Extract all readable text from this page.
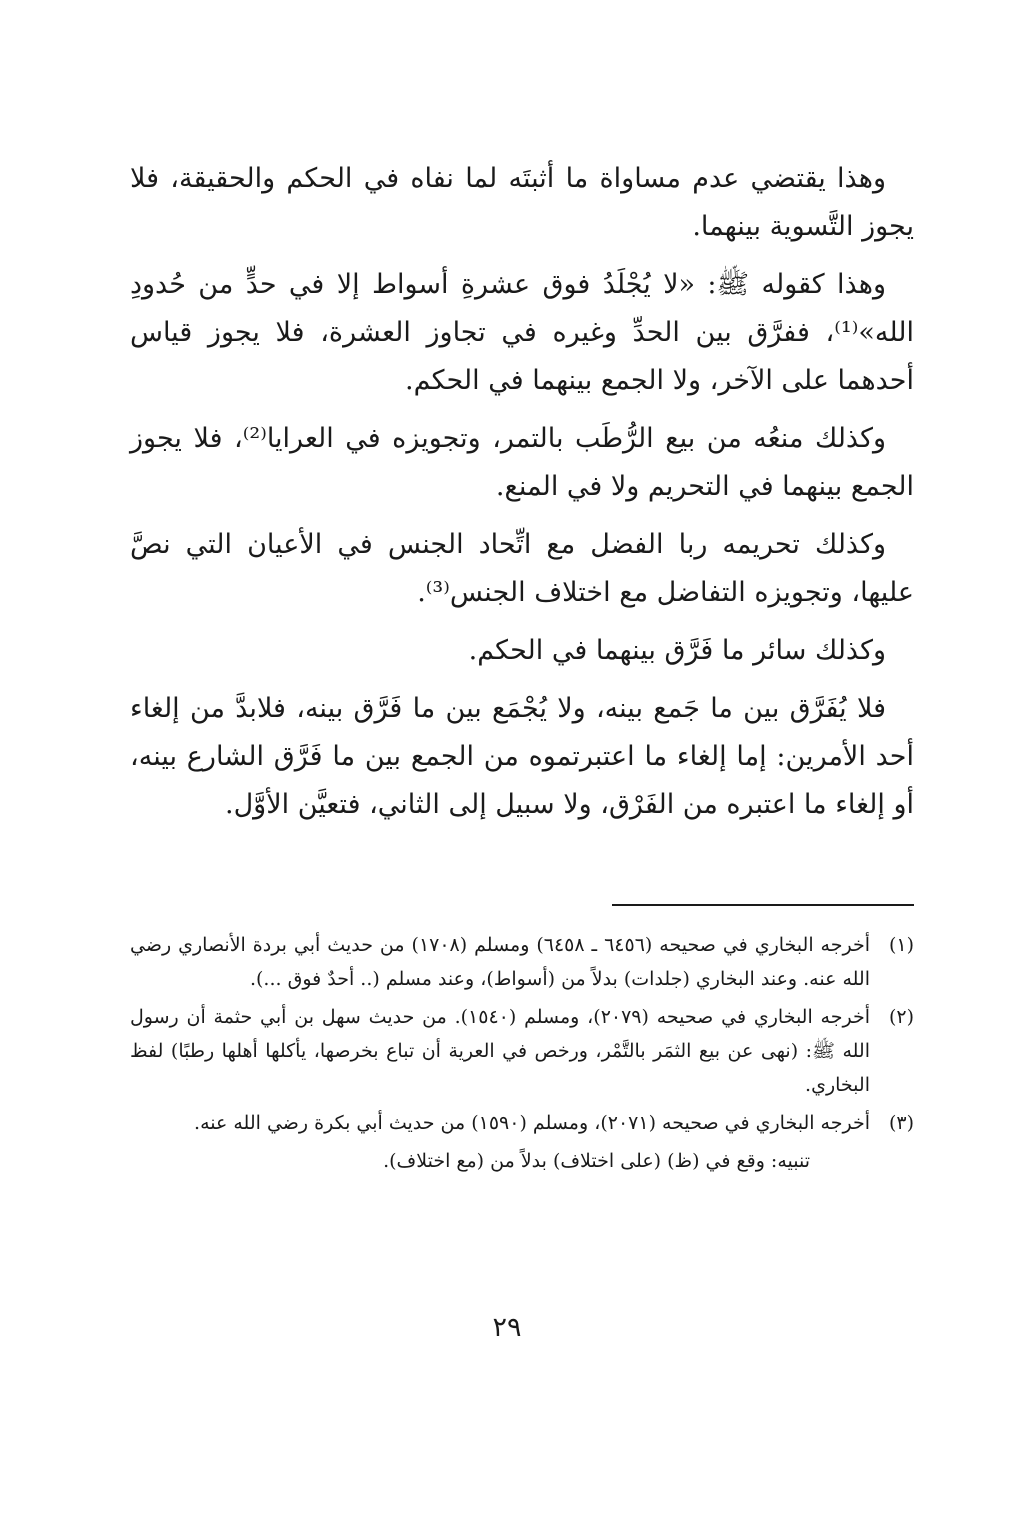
وهذا يقتضي عدم مساواة ما أثبتَه لما نفاه في الحكم والحقيقة، فلا يجوز التَّسوية بينهما.

وهذا كقوله ﷺ: «لا يُجْلَدُ فوق عشرةِ أسواط إلا في حدٍّ من حُدودِ الله»⁽¹⁾، ففرَّق بين الحدِّ وغيره في تجاوز العشرة، فلا يجوز قياس أحدهما على الآخر، ولا الجمع بينهما في الحكم.

وكذلك منعُه من بيع الرُّطَب بالتمر، وتجويزه في العرايا⁽²⁾، فلا يجوز الجمع بينهما في التحريم ولا في المنع.

وكذلك تحريمه ربا الفضل مع اتِّحاد الجنس في الأعيان التي نصَّ عليها، وتجويزه التفاضل مع اختلاف الجنس⁽³⁾.

وكذلك سائر ما فَرَّق بينهما في الحكم.

فلا يُفَرَّق بين ما جَمع بينه، ولا يُجْمَع بين ما فَرَّق بينه، فلابدَّ من إلغاء أحد الأمرين: إما إلغاء ما اعتبرتموه من الجمع بين ما فَرَّق الشارع بينه، أو إلغاء ما اعتبره من الفَرْق، ولا سبيل إلى الثاني، فتعيَّن الأوَّل.

(١)
أخرجه البخاري في صحيحه (٦٤٥٦ ـ ٦٤٥٨) ومسلم (١٧٠٨) من حديث أبي بردة الأنصاري رضي الله عنه. وعند البخاري (جلدات) بدلاً من (أسواط)، وعند مسلم (.. أحدٌ فوق ...).
(٢)
أخرجه البخاري في صحيحه (٢٠٧٩)، ومسلم (١٥٤٠). من حديث سهل بن أبي حثمة أن رسول الله ﷺ: (نهى عن بيع الثمَر بالتَّمْر، ورخص في العرية أن تباع بخرصها، يأكلها أهلها رطبًا) لفظ البخاري.
(٣)
أخرجه البخاري في صحيحه (٢٠٧١)، ومسلم (١٥٩٠) من حديث أبي بكرة رضي الله عنه.
تنبيه: وقع في (ظ) (على اختلاف) بدلاً من (مع اختلاف).
٢٩
